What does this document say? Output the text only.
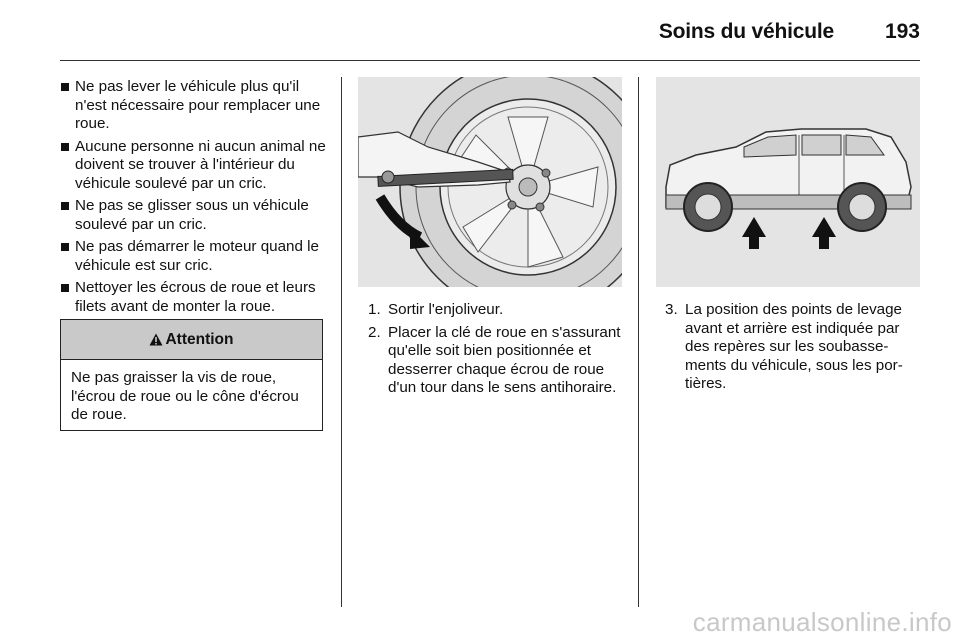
Soins du véhicule 193
Ne pas lever le véhicule plus qu'il n'est nécessaire pour remplacer une roue.
Aucune personne ni aucun animal ne doivent se trouver à l'intérieur du véhicule soulevé par un cric.
Ne pas se glisser sous un véhicule soulevé par un cric.
Ne pas démarrer le moteur quand le véhicule est sur cric.
Nettoyer les écrous de roue et leurs filets avant de monter la roue.
Attention
Ne pas graisser la vis de roue, l'écrou de roue ou le cône d'écrou de roue.
1. Sortir l'enjoliveur.
2. Placer la clé de roue en s'assurant qu'elle soit bien positionnée et desserrer chaque écrou de roue d'un tour dans le sens antihoraire.
3. La position des points de levage avant et arrière est indiquée par des repères sur les soubasse-ments du véhicule, sous les por-tières.
carmanualsonline.info
